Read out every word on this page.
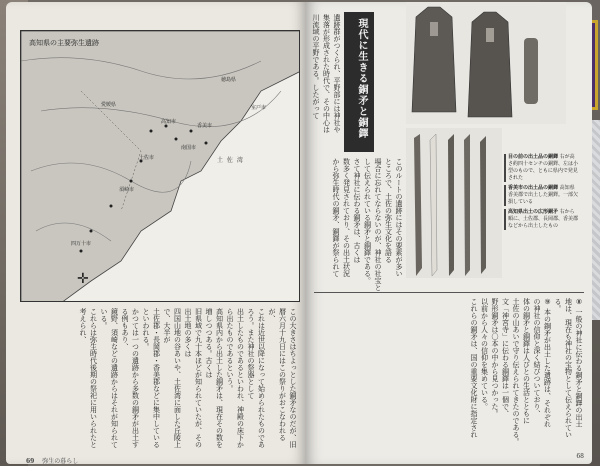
高知県の主要弥生遺跡
愛媛県
徳島県
高知市
土佐市
須崎市
四万十市
香美市
南国市
室戸市
土 佐 湾
✛

この大きさはちよっとした銅矛なのだが、旧暦六月十九日にはこの祭りがおこなわれるが、

これは近世以降になって始められたものであろう。また神社の祭器として

出土したものであるといわれ、神殿の床下から出たものであるという。

高知県内から出土した銅矛は、現在その数を増しつつある。古くは

旧県域で九十本ほどが知られていたが、その出土地の多くは

四国山地の谷あいや、土佐湾に面した丘陵上で、大半が

土佐郡・長岡郡・香美郡などに集中しているといわれる。

かつては一つの遺跡から多数の銅矛が出土する例もあり、

鏡野、須崎などの遺跡からはそれが知られている。

これらは弥生時代後期の祭祀に用いられたと考えられ、

69 弥生の暮らし

遺跡群がつくられ、平野部には神社や

集落が形成された時代で、その中心は

川流域の平野である。したがって	現代に生きる銅矛と銅鐸

このルートの遺跡にはその要素が多い

ところで、土佐の弥生文化を語る

場合に忘れてならないのが、神社の社宝と

して伝えられている銅矛と銅鐸である。

さて神社に伝わる銅矛は、古くは

数多く発見されており、その出土状況

から弥生時代の銅矛、銅鐸が祭られて

目の前の出土品の銅鐸 右が高さ約四十センチの銅鐸、左は小型のもので、ともに県内で発見された
香美市の出土品の銅鐸 高知県香美郡で出土した銅鐸。一部欠損している
高知県出土の広形銅矛 右から順に、土佐郡、長岡郡、香美郡などから出土したもの

⑧ 一般の神社に伝わる銅矛と銅鐸の出土

地は、現在も神社の宝物として伝えられている。

⑨ 本の銅矛が出土した遺跡は、それぞれ

の神社の信仰と深く結びついており、

体の銅矛と銅鐸は人びとの生活とともに

土佐の山あいで守り伝えられてきたのである。

文「神宮寺」に伝わる銅鐸は一個で、

野形銅矛は〇本の中から見つかった。

以前から人々の信仰を集めている。

これらの銅矛は、国の重要文化財に指定され

68
